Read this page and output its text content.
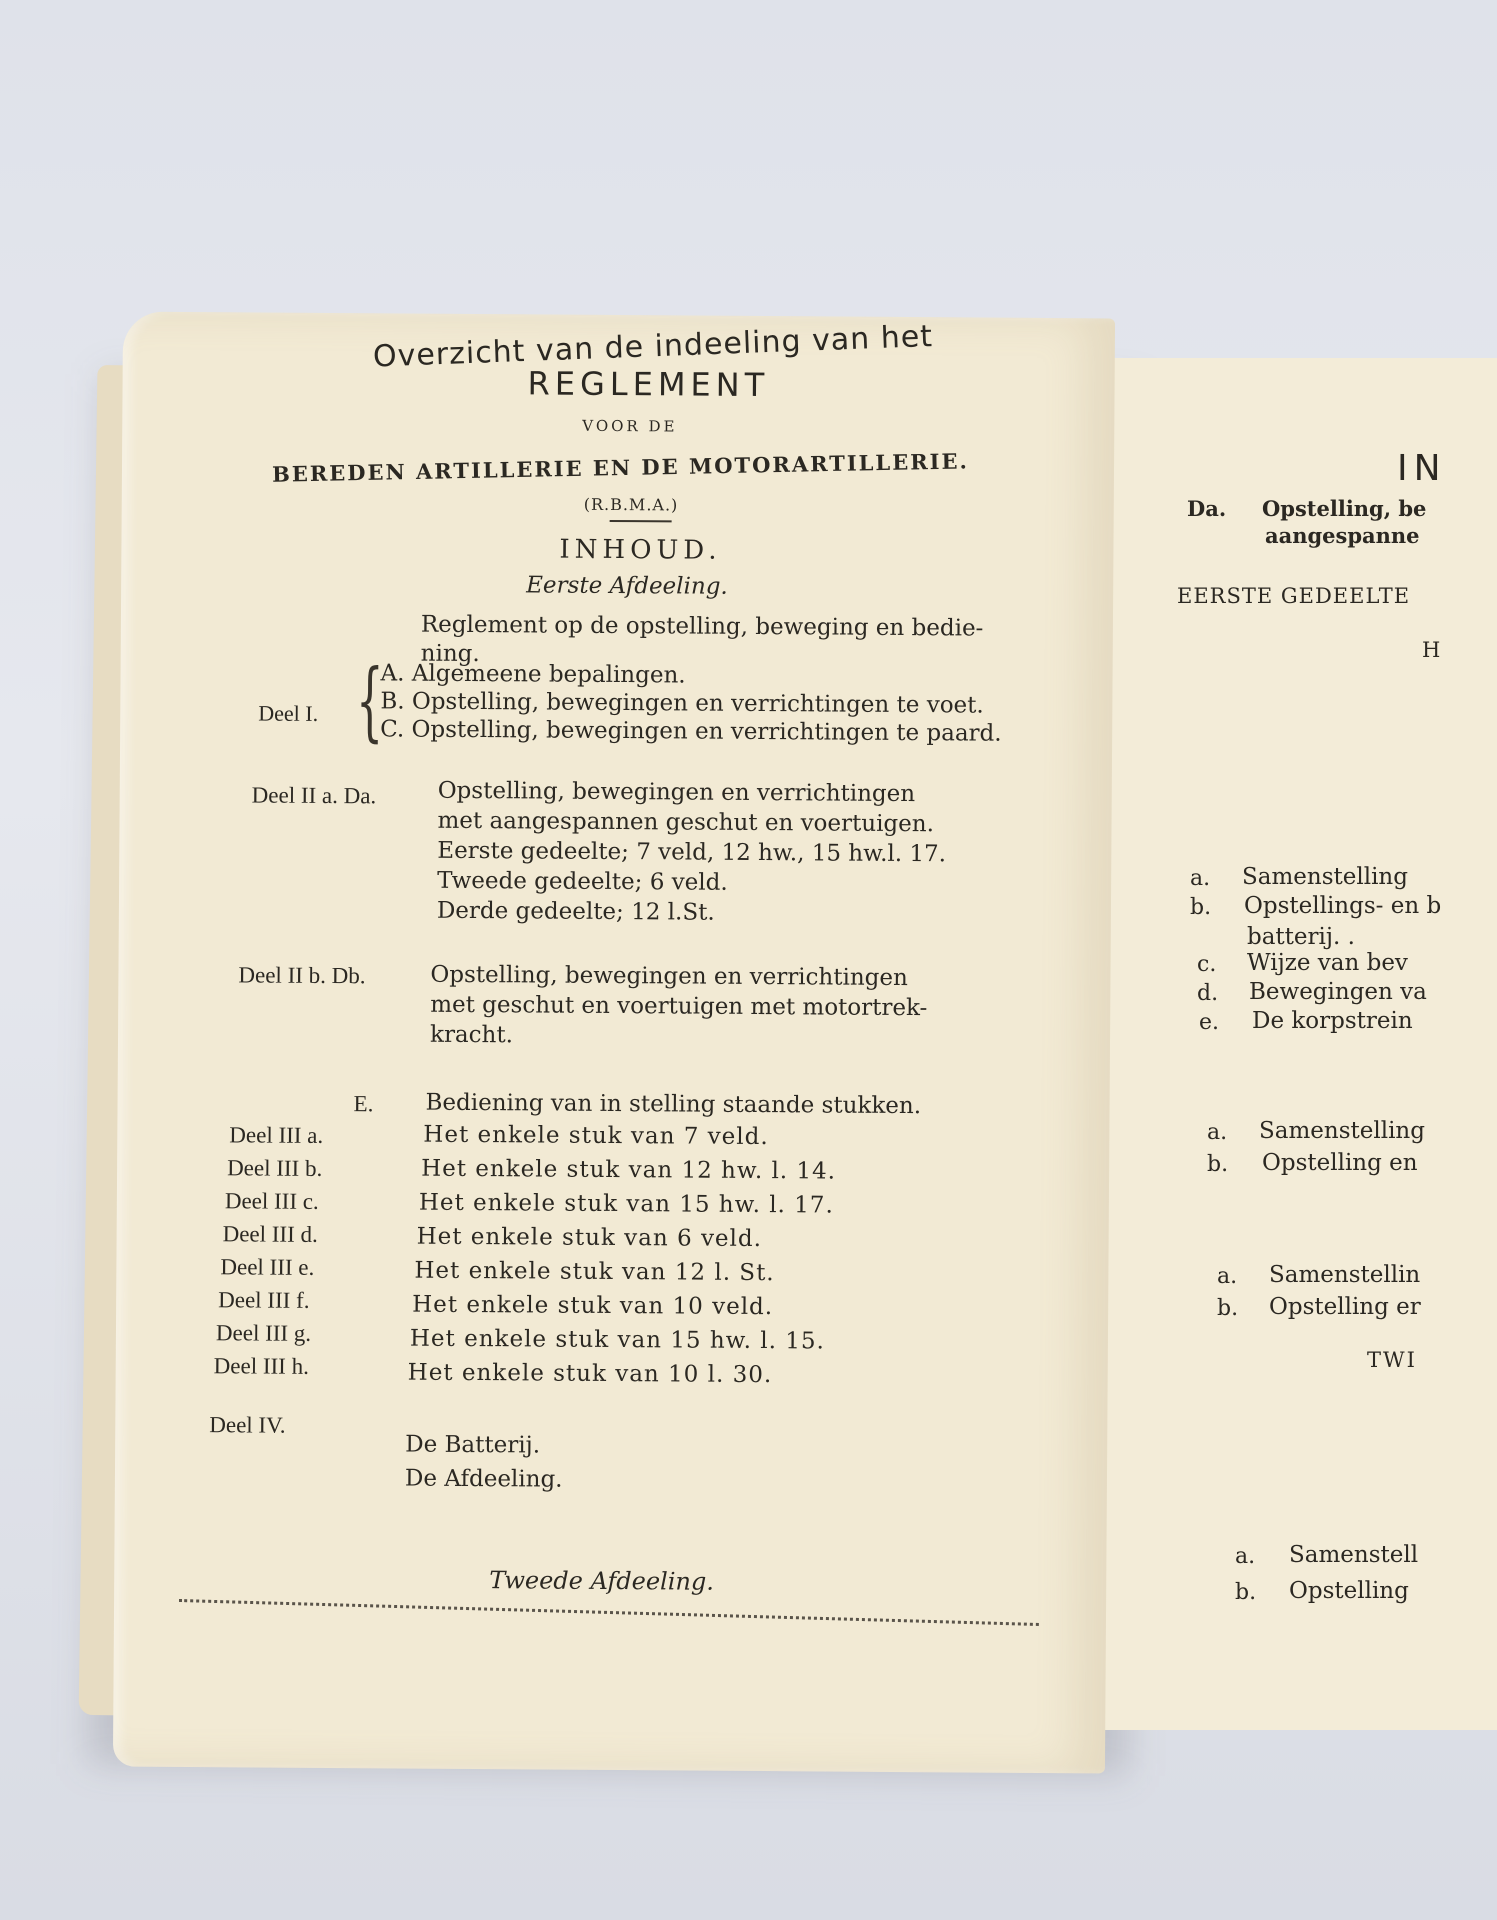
IN
Da. Opstelling, be
aangespanne
EERSTE GEDEELTE
H
a. Samenstelling
b. Opstellings- en b
batterij. .
c. Wijze van bev
d. Bewegingen va
e. De korpstrein
a. Samenstelling
b. Opstelling en
a. Samenstellin
b. Opstelling er
TWI
a. Samenstell
b. Opstelling
Overzicht van de indeeling van het
REGLEMENT
VOOR DE
BEREDEN ARTILLERIE EN DE MOTORARTILLERIE.
(R.B.M.A.)
INHOUD.
Eerste Afdeeling.
Reglement op de opstelling, beweging en bedie-
ning.
Deel I. {
A. Algemeene bepalingen.
B. Opstelling, bewegingen en verrichtingen te voet.
C. Opstelling, bewegingen en verrichtingen te paard.
Deel II a. Da.	Opstelling, bewegingen en verrichtingen
met aangespannen geschut en voertuigen.
Eerste gedeelte; 7 veld, 12 hw., 15 hw.l. 17.
Tweede gedeelte; 6 veld.
Derde gedeelte; 12 l.St.
Deel II b. Db.	Opstelling, bewegingen en verrichtingen
met geschut en voertuigen met motortrek-
kracht.
E. Bediening van in stelling staande stukken.
Deel III a.	Het enkele stuk van 7 veld.
Deel III b.	Het enkele stuk van 12 hw. l. 14.
Deel III c.	Het enkele stuk van 15 hw. l. 17.
Deel III d.	Het enkele stuk van 6 veld.
Deel III e.	Het enkele stuk van 12 l. St.
Deel III f.	Het enkele stuk van 10 veld.
Deel III g.	Het enkele stuk van 15 hw. l. 15.
Deel III h.	Het enkele stuk van 10 l. 30.
Deel IV.
De Batterij.
De Afdeeling.
Tweede Afdeeling.
